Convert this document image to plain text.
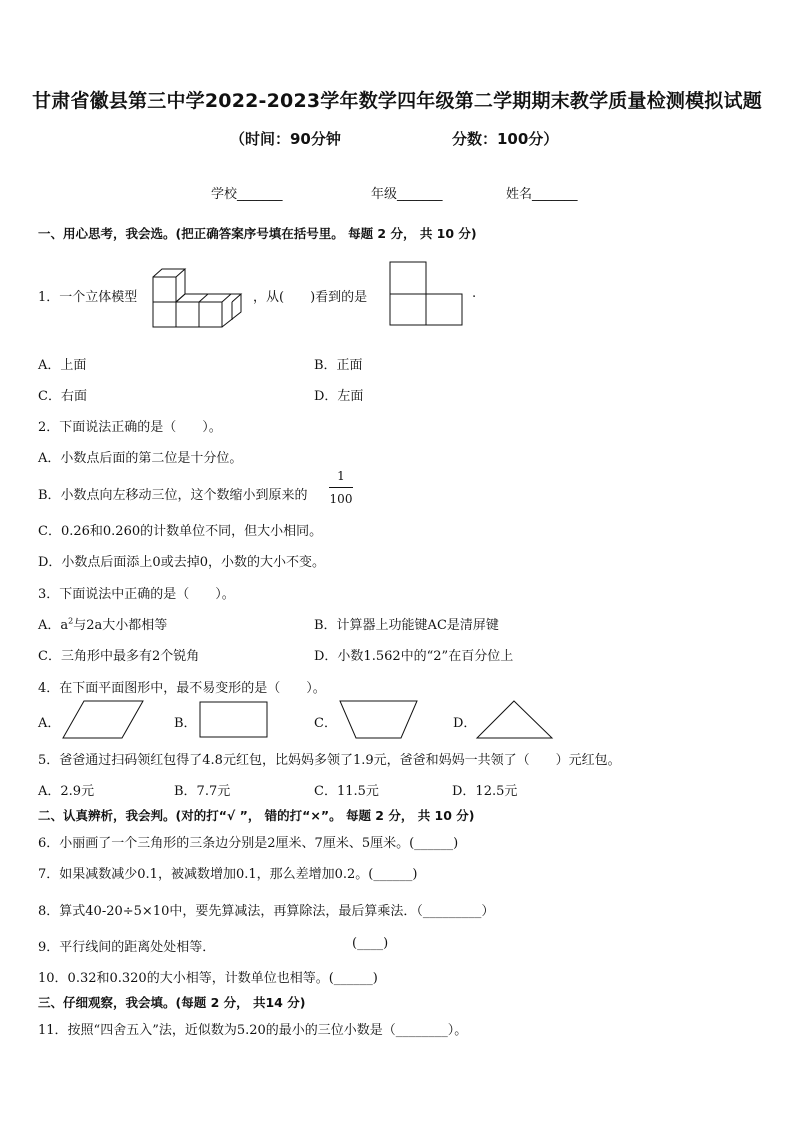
甘肃省徽县第三中学2022-2023学年数学四年级第二学期期末教学质量检测模拟试题
（时间：90分钟	分数：100分）
学校_______	年级_______	姓名_______
一、用心思考，我会选。(把正确答案序号填在括号里。 每题 2 分， 共 10 分)
1．一个立体模型	，从(　　)看到的是	.
A．上面	B．正面
C．右面	D．左面
2．下面说法正确的是（　　）。
A．小数点后面的第二位是十分位。
B．小数点向左移动三位，这个数缩小到原来的
1
100
C．0.26和0.260的计数单位不同，但大小相同。
D．小数点后面添上0或去掉0，小数的大小不变。
3．下面说法中正确的是（　　）。
A．$a^2$与2a大小都相等	B．计算器上功能键AC是清屏键
C．三角形中最多有2个锐角	D．小数1.562中的“2”在百分位上
4．在下面平面图形中，最不易变形的是（　　）。
A．	B．	C．	D．
5．爸爸通过扫码领红包得了4.8元红包，比妈妈多领了1.9元，爸爸和妈妈一共领了（　　）元红包。
A．2.9元	B．7.7元	C．11.5元	D．12.5元
二、认真辨析，我会判。(对的打“√ ”， 错的打“×”。 每题 2 分， 共 10 分)
6．小丽画了一个三角形的三条边分别是2厘米、7厘米、5厘米。(______)
7．如果减数减少0.1，被减数增加0.1，那么差增加0.2。(______)
8．算式40-20÷5×10中，要先算减法，再算除法，最后算乘法．（_________）
9．平行线间的距离处处相等．	(____)
10．0.32和0.320的大小相等，计数单位也相等。(______)
三、仔细观察，我会填。(每题 2 分， 共14 分)
11．按照“四舍五入”法，近似数为5.20的最小的三位小数是（________）。
